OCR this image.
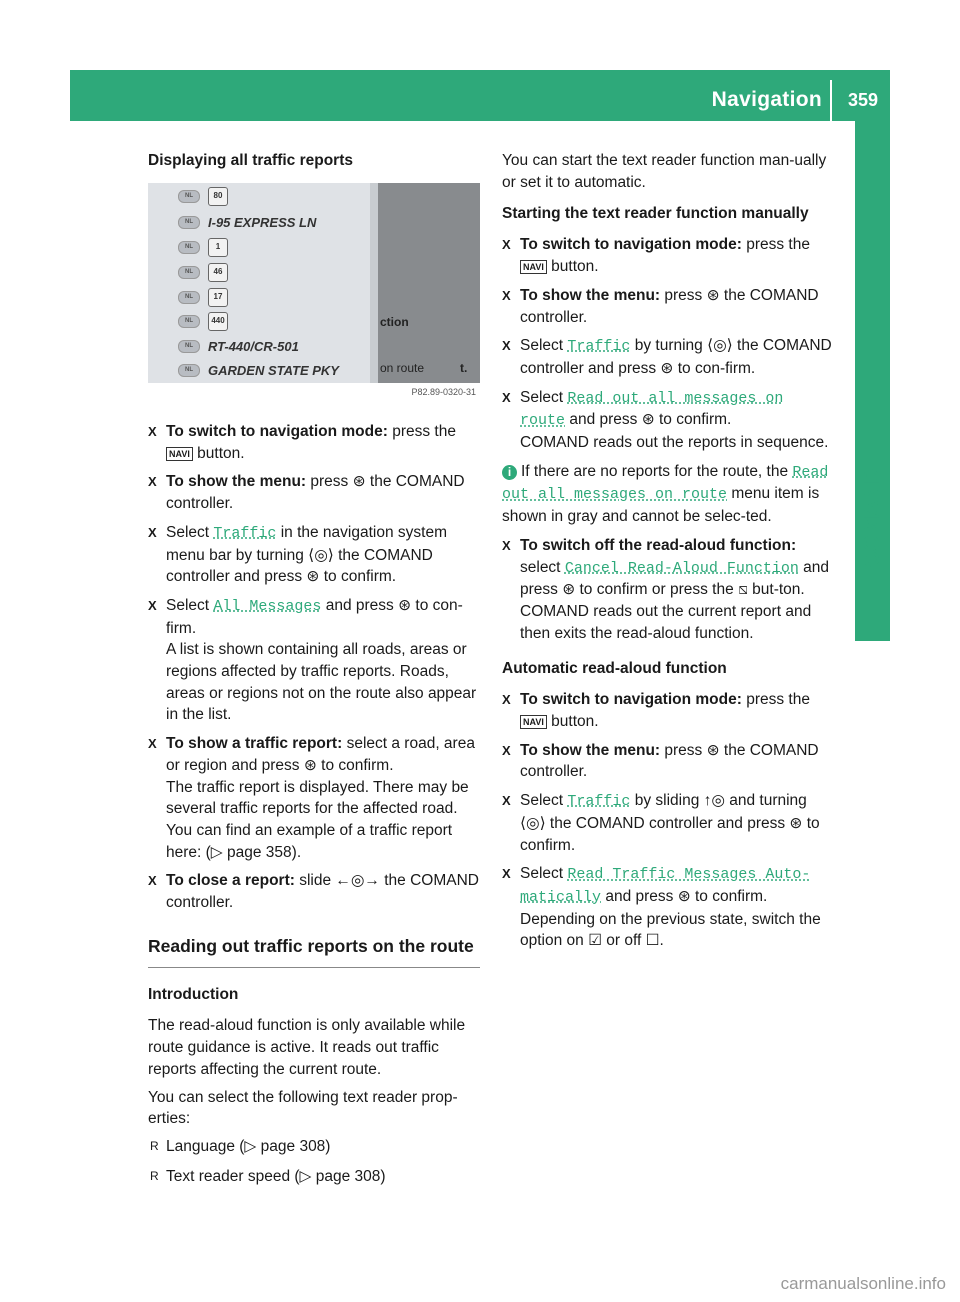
Navigation 359
COMAND
Displaying all traffic reports
X To switch to navigation mode: press the NAVI button.
X To show the menu: press ⊛ the COMAND controller.
X Select Traffic in the navigation system menu bar by turning ⟨◎⟩ the COMAND controller and press ⊛ to confirm.
X Select All Messages and press ⊛ to con-firm.
A list is shown containing all roads, areas or regions affected by traffic reports. Roads, areas or regions not on the route also appear in the list.
X To show a traffic report: select a road, area or region and press ⊛ to confirm.
The traffic report is displayed. There may be several traffic reports for the affected road. You can find an example of a traffic report here: (▷ page 358).
X To close a report: slide ←◎→ the COMAND controller.
Reading out traffic reports on the route
Introduction

The read-aloud function is only available while route guidance is active. It reads out traffic reports affecting the current route.

You can select the following text reader prop-erties:

R Language (▷ page 308)
R Text reader speed (▷ page 308)
NL	80
NL	I-95 EXPRESS LN
NL	1
NL	46
NL	17
NL	440
NL	RT-440/CR-501
NL	GARDEN STATE PKY
ction
on route	t.
P82.89-0320-31

You can start the text reader function man-ually or set it to automatic.

Starting the text reader function manually
X To switch to navigation mode: press the NAVI button.
X To show the menu: press ⊛ the COMAND controller.
X Select Traffic by turning ⟨◎⟩ the COMAND controller and press ⊛ to con-firm.
X Select Read out all messages on route and press ⊛ to confirm.
COMAND reads out the reports in sequence.
i If there are no reports for the route, the Read out all messages on route menu item is shown in gray and cannot be selec-ted.
X To switch off the read-aloud function:
select Cancel Read-Aloud Function and press ⊛ to confirm or press the ⧅ but-ton.
COMAND reads out the current report and then exits the read-aloud function.
Automatic read-aloud function
X To switch to navigation mode: press the NAVI button.
X To show the menu: press ⊛ the COMAND controller.
X Select Traffic by sliding ↑◎ and turning ⟨◎⟩ the COMAND controller and press ⊛ to confirm.
X Select Read Traffic Messages Auto-matically and press ⊛ to confirm.
Depending on the previous state, switch the option on ☑ or off ☐.
carmanualsonline.info
